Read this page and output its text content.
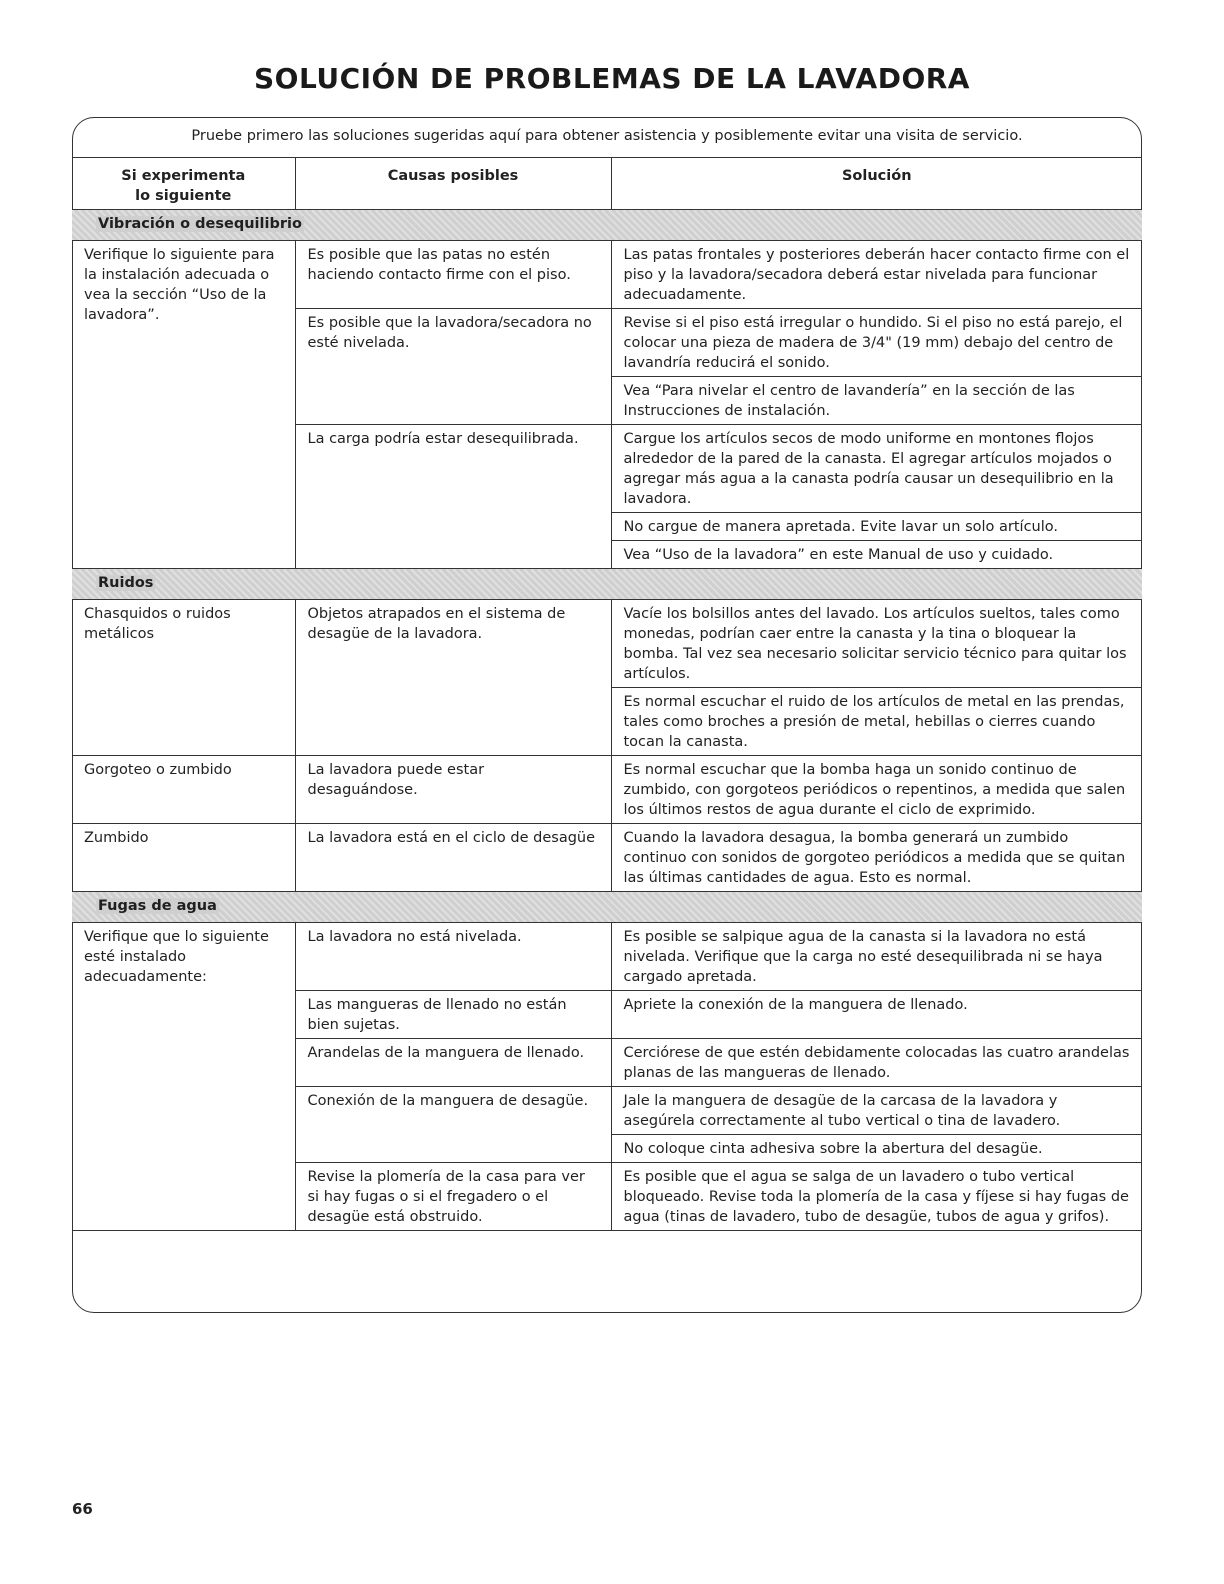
SOLUCIÓN DE PROBLEMAS DE LA LAVADORA
Pruebe primero las soluciones sugeridas aquí para obtener asistencia y posiblemente evitar una visita de servicio.
Si experimenta
lo siguiente	Causas posibles	Solución
Vibración o desequilibrio		
Verifique lo siguiente para la instalación adecuada o vea la sección “Uso de la lavadora”.	Es posible que las patas no estén haciendo contacto firme con el piso.	Las patas frontales y posteriores deberán hacer contacto firme con el piso y la lavadora/secadora deberá estar nivelada para funcionar adecuadamente.
	Es posible que la lavadora/secadora no esté nivelada.	Revise si el piso está irregular o hundido. Si el piso no está parejo, el colocar una pieza de madera de 3/4" (19 mm) debajo del centro de lavandría reducirá el sonido.
		Vea “Para nivelar el centro de lavandería” en la sección de las Instrucciones de instalación.
	La carga podría estar desequilibrada.	Cargue los artículos secos de modo uniforme en montones flojos alrededor de la pared de la canasta. El agregar artículos mojados o agregar más agua a la canasta podría causar un desequilibrio en la lavadora.
		No cargue de manera apretada. Evite lavar un solo artículo.
		Vea “Uso de la lavadora” en este Manual de uso y cuidado.
Ruidos		
Chasquidos o ruidos metálicos	Objetos atrapados en el sistema de desagüe de la lavadora.	Vacíe los bolsillos antes del lavado. Los artículos sueltos, tales como monedas, podrían caer entre la canasta y la tina o bloquear la bomba. Tal vez sea necesario solicitar servicio técnico para quitar los artículos.
		Es normal escuchar el ruido de los artículos de metal en las prendas, tales como broches a presión de metal, hebillas o cierres cuando tocan la canasta.
Gorgoteo o zumbido	La lavadora puede estar desaguándose.	Es normal escuchar que la bomba haga un sonido continuo de zumbido, con gorgoteos periódicos o repentinos, a medida que salen los últimos restos de agua durante el ciclo de exprimido.
Zumbido	La lavadora está en el ciclo de desagüe	Cuando la lavadora desagua, la bomba generará un zumbido continuo con sonidos de gorgoteo periódicos a medida que se quitan las últimas cantidades de agua. Esto es normal.
Fugas de agua		
Verifique que lo siguiente esté instalado adecuadamente:	La lavadora no está nivelada.	Es posible se salpique agua de la canasta si la lavadora no está nivelada. Verifique que la carga no esté desequilibrada ni se haya cargado apretada.
	Las mangueras de llenado no están bien sujetas.	Apriete la conexión de la manguera de llenado.
	Arandelas de la manguera de llenado.	Cerciórese de que estén debidamente colocadas las cuatro arandelas planas de las mangueras de llenado.
	Conexión de la manguera de desagüe.	Jale la manguera de desagüe de la carcasa de la lavadora y asegúrela correctamente al tubo vertical o tina de lavadero.
		No coloque cinta adhesiva sobre la abertura del desagüe.
	Revise la plomería de la casa para ver si hay fugas o si el fregadero o el desagüe está obstruido.	Es posible que el agua se salga de un lavadero o tubo vertical bloqueado. Revise toda la plomería de la casa y fíjese si hay fugas de agua (tinas de lavadero, tubo de desagüe, tubos de agua y grifos).
66
